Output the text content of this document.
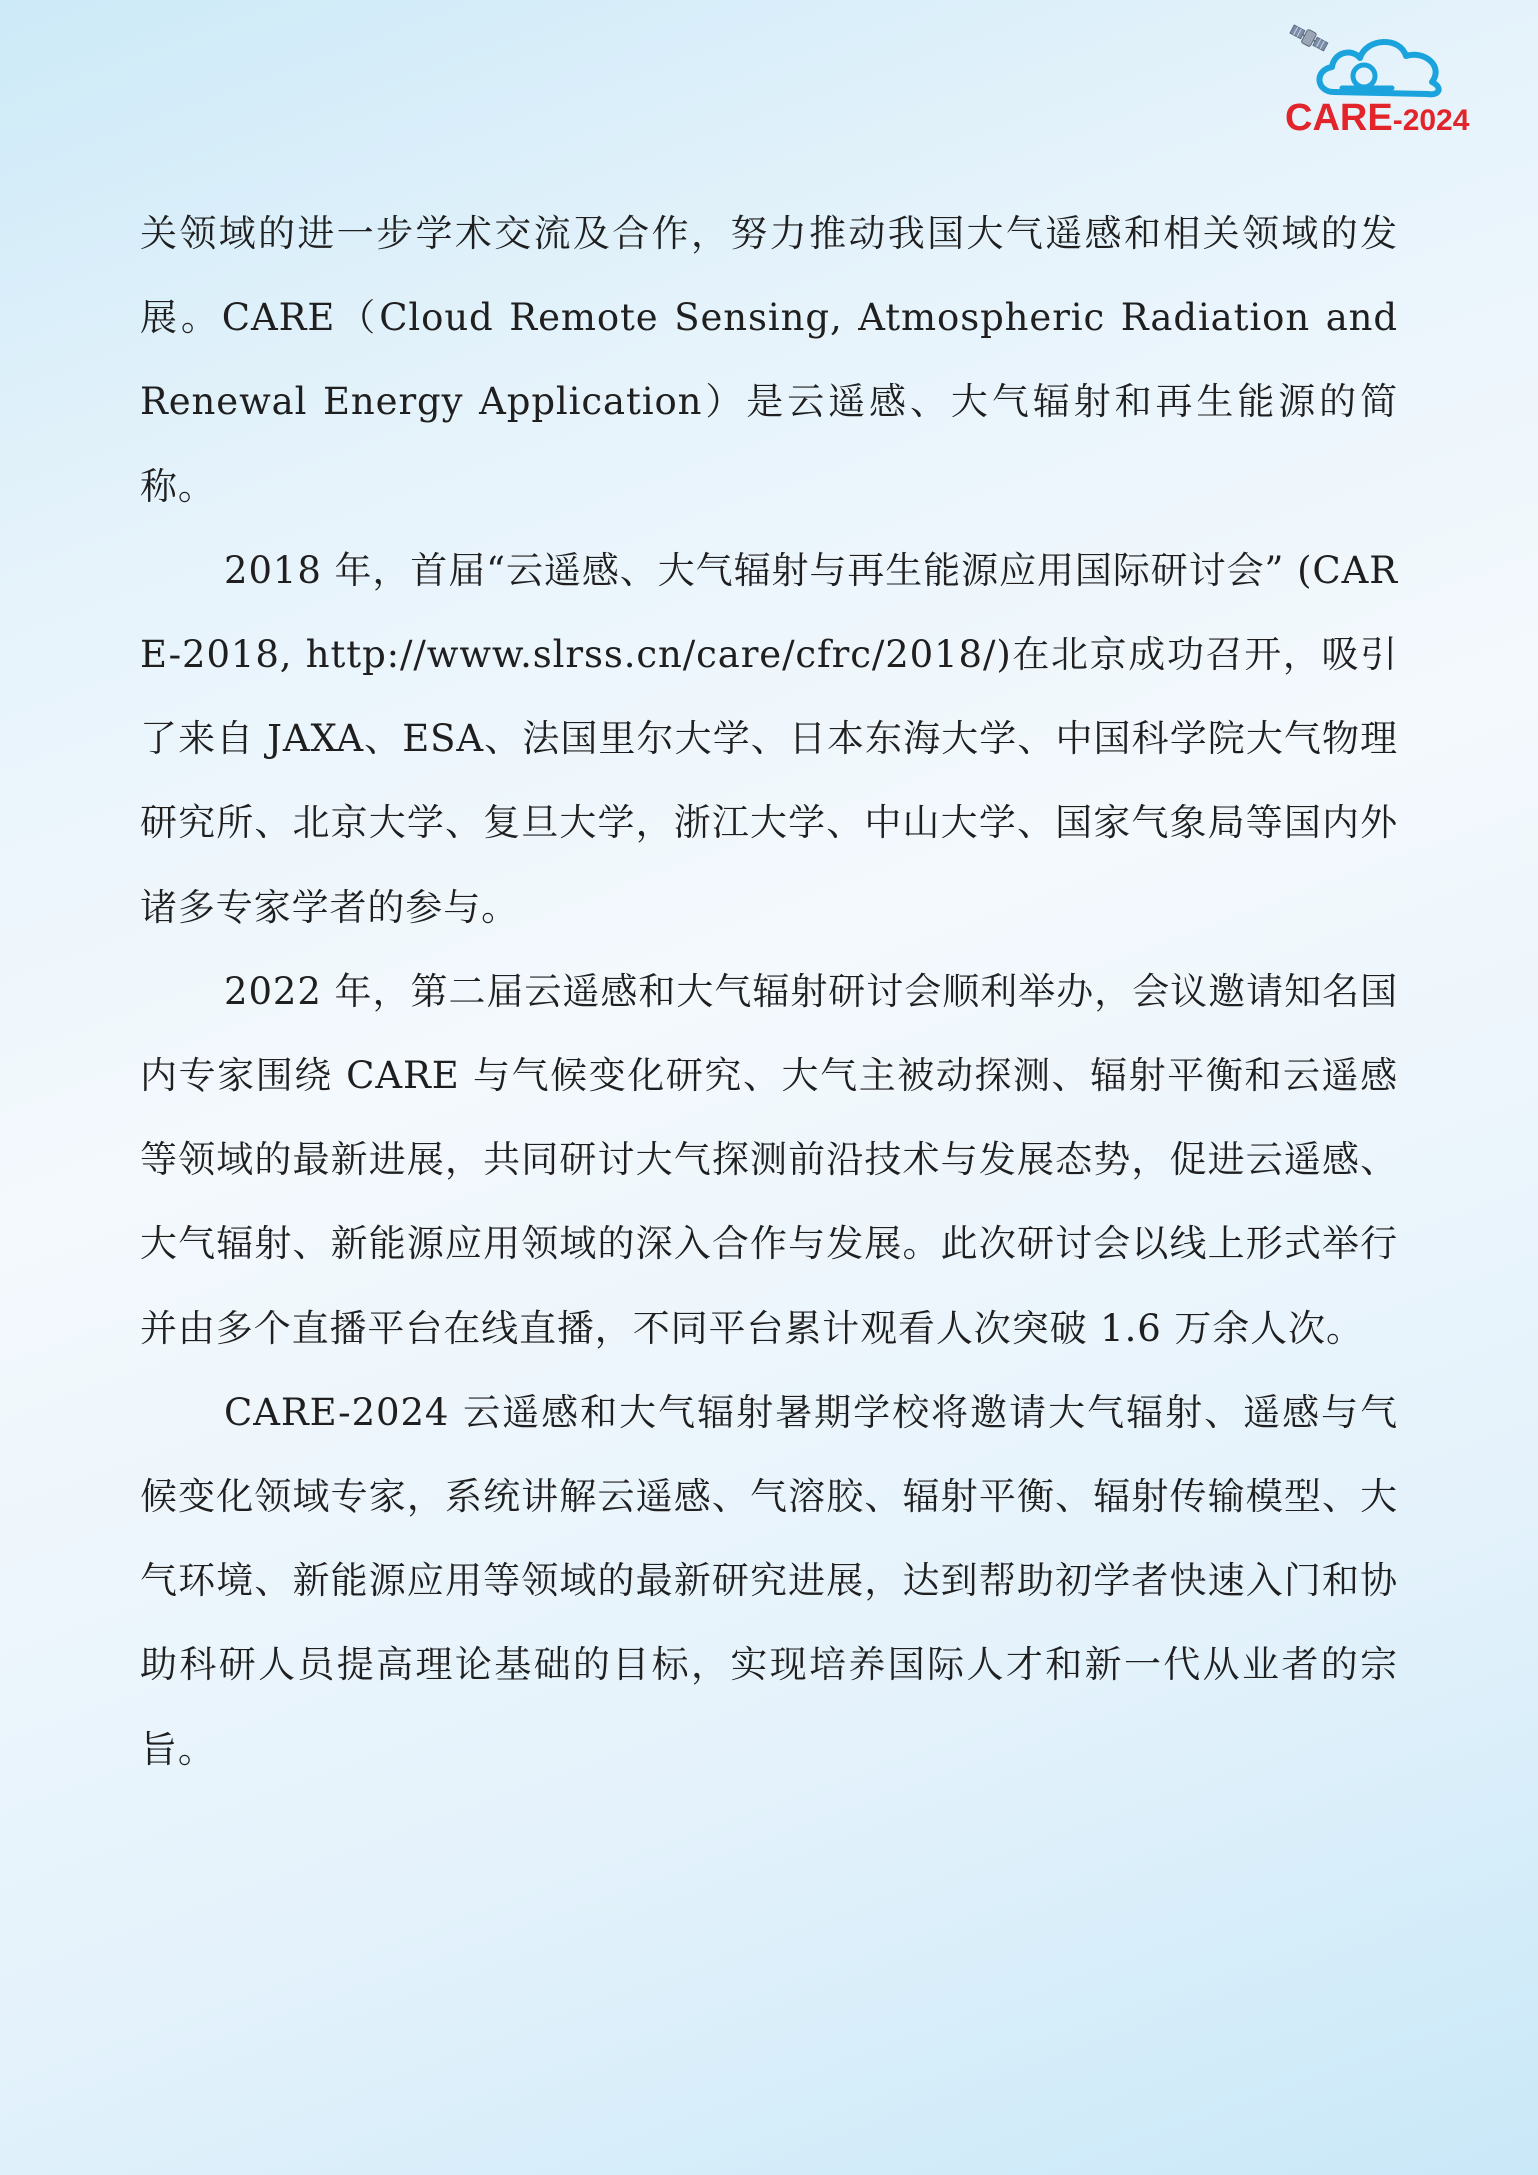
CARE-2024

关领域的进一步学术交流及合作，努力推动我国大气遥感和相关领域的发展。CARE（Cloud Remote Sensing, Atmospheric Radiation and Renewal Energy Application）是云遥感、大气辐射和再生能源的简称。

2018 年，首届“云遥感、大气辐射与再生能源应用国际研讨会” (CARE-2018, http://www.slrss.cn/care/cfrc/2018/)在北京成功召开，吸引了来自 JAXA、ESA、法国里尔大学、日本东海大学、中国科学院大气物理研究所、北京大学、复旦大学，浙江大学、中山大学、国家气象局等国内外诸多专家学者的参与。

2022 年，第二届云遥感和大气辐射研讨会顺利举办，会议邀请知名国内专家围绕 CARE 与气候变化研究、大气主被动探测、辐射平衡和云遥感等领域的最新进展，共同研讨大气探测前沿技术与发展态势，促进云遥感、大气辐射、新能源应用领域的深入合作与发展。此次研讨会以线上形式举行并由多个直播平台在线直播，不同平台累计观看人次突破 1.6 万余人次。

CARE-2024 云遥感和大气辐射暑期学校将邀请大气辐射、遥感与气候变化领域专家，系统讲解云遥感、气溶胶、辐射平衡、辐射传输模型、大气环境、新能源应用等领域的最新研究进展，达到帮助初学者快速入门和协助科研人员提高理论基础的目标，实现培养国际人才和新一代从业者的宗旨。
